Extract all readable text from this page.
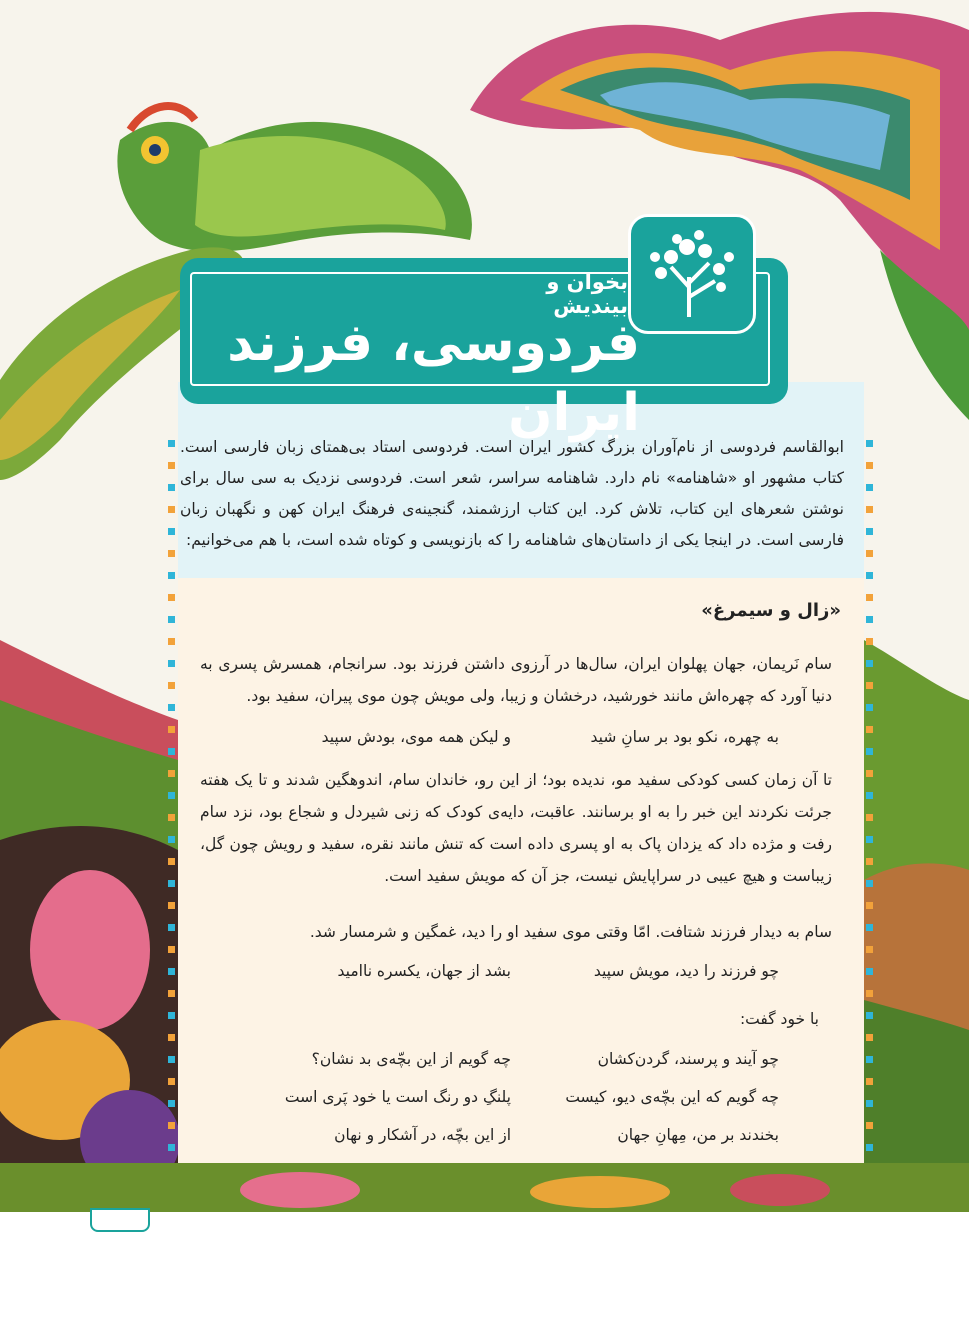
بخوان و بیندیش
فردوسی، فرزند ایران
ابوالقاسم فردوسی از نام‌آوران بزرگ کشور ایران است. فردوسی استاد بی‌همتای زبان فارسی است. کتاب مشهور او «شاهنامه» نام دارد. شاهنامه سراسر، شعر است. فردوسی نزدیک به سی سال برای نوشتن شعرهای این کتاب، تلاش کرد. این کتاب ارزشمند، گنجینه‌ی فرهنگ ایران کهن و نگهبان زبان فارسی است. در اینجا یکی از داستان‌های شاهنامه را که بازنویسی و کوتاه شده است، با هم می‌خوانیم:
«زال و سیمرغ»
سام نَریمان، جهان پهلوان ایران، سال‌ها در آرزوی داشتن فرزند بود. سرانجام، همسرش پسری به دنیا آورد که چهره‌اش مانند خورشید، درخشان و زیبا، ولی مویش چون موی پیران، سفید بود.
به چهره، نکو بود بر سانِ شید
و لیکن همه موی، بودش سپید
تا آن زمان کسی کودکی سفید مو، ندیده بود؛ از این رو، خاندان سام، اندوهگین شدند و تا یک هفته جرئت نکردند این خبر را به او برسانند. عاقبت، دایه‌ی کودک که زنی شیردل و شجاع بود، نزد سام رفت و مژده داد که یزدان پاک به او پسری داده است که تنش مانند نقره، سفید و رویش چون گل، زیباست و هیچ عیبی در سراپایش نیست، جز آن که مویش سفید است.
سام به دیدار فرزند شتافت. امّا وقتی موی سفید او را دید، غمگین و شرمسار شد.
چو فرزند را دید، مویش سپید
بشد از جهان، یکسره ناامید
با خود گفت:
چو آیند و پرسند، گردن‌کشان
چه گویم از این بچّه‌ی بد نشان؟
چه گویم که این بچّه‌ی دیو، کیست
پلنگِ دو رنگ است یا خود پَری است
بخندند بر من، مِهانِ جهان
از این بچّه، در آشکار و نهان
